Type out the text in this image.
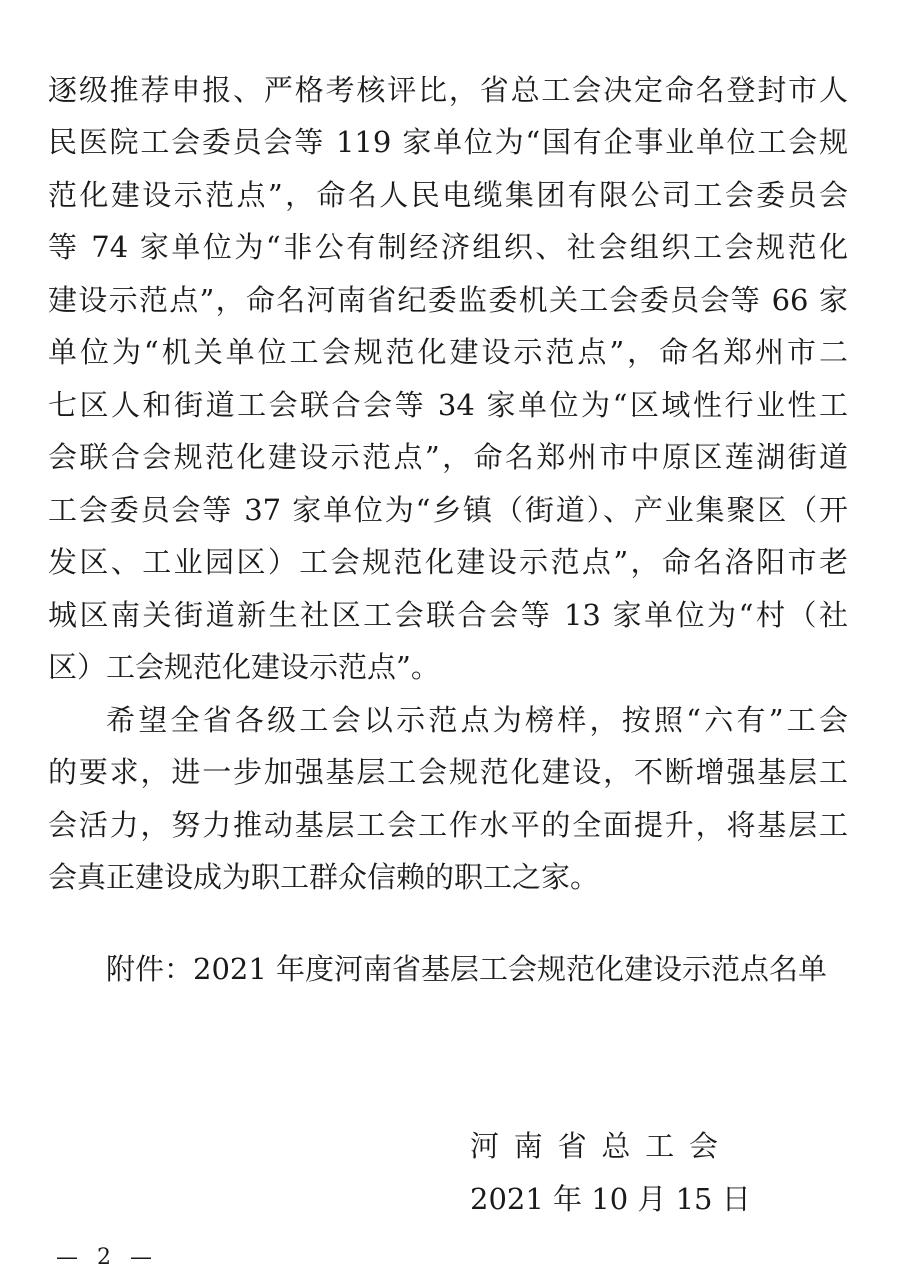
逐级推荐申报、严格考核评比，省总工会决定命名登封市人
民医院工会委员会等 119 家单位为“国有企事业单位工会规
范化建设示范点”，命名人民电缆集团有限公司工会委员会
等 74 家单位为“非公有制经济组织、社会组织工会规范化
建设示范点”，命名河南省纪委监委机关工会委员会等 66 家
单位为“机关单位工会规范化建设示范点”，命名郑州市二
七区人和街道工会联合会等 34 家单位为“区域性行业性工
会联合会规范化建设示范点”，命名郑州市中原区莲湖街道
工会委员会等 37 家单位为“乡镇（街道）、产业集聚区（开
发区、工业园区）工会规范化建设示范点”，命名洛阳市老
城区南关街道新生社区工会联合会等 13 家单位为“村（社
区）工会规范化建设示范点”。
希望全省各级工会以示范点为榜样，按照“六有”工会
的要求，进一步加强基层工会规范化建设，不断增强基层工
会活力，努力推动基层工会工作水平的全面提升，将基层工
会真正建设成为职工群众信赖的职工之家。
附件：2021 年度河南省基层工会规范化建设示范点名单
河南省总工会
2021 年 10 月 15 日
— 2 —
